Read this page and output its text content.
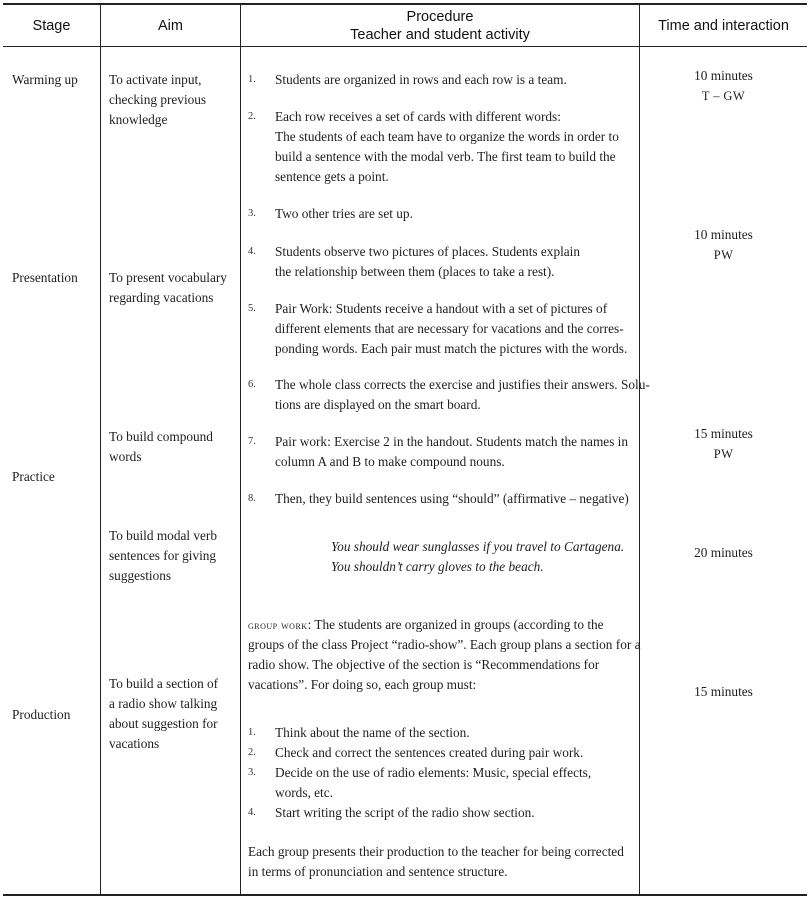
Stage	Aim
Procedure
Teacher and student activity
Time and interaction
Warming up
Presentation
Practice
Production
To activate input,
checking previous
knowledge
To present vocabulary
regarding vacations
To build compound
words
To build modal verb
sentences for giving
suggestions
To build a section of
a radio show talking
about suggestion for
vacations
1. Students are organized in rows and each row is a team.
2. Each row receives a set of cards with different words:
The students of each team have to organize the words in order to
build a sentence with the modal verb. The first team to build the
sentence gets a point.
3. Two other tries are set up.
4. Students observe two pictures of places. Students explain
the relationship between them (places to take a rest).
5. Pair Work: Students receive a handout with a set of pictures of
different elements that are necessary for vacations and the corres-
ponding words. Each pair must match the pictures with the words.
6. The whole class corrects the exercise and justifies their answers. Solu-
tions are displayed on the smart board.
7. Pair work: Exercise 2 in the handout. Students match the names in
column A and B to make compound nouns.
8. Then, they build sentences using “should” (affirmative – negative)
You should wear sunglasses if you travel to Cartagena.
You shouldn’t carry gloves to the beach.
group work: The students are organized in groups (according to the
groups of the class Project “radio-show”. Each group plans a section for a
radio show. The objective of the section is “Recommendations for
vacations”. For doing so, each group must:
1. Think about the name of the section.
2. Check and correct the sentences created during pair work.
3. Decide on the use of radio elements: Music, special effects,
words, etc.
4. Start writing the script of the radio show section.
Each group presents their production to the teacher for being corrected
in terms of pronunciation and sentence structure.
10 minutes
T – GW
10 minutes
PW
15 minutes
PW
20 minutes
15 minutes
